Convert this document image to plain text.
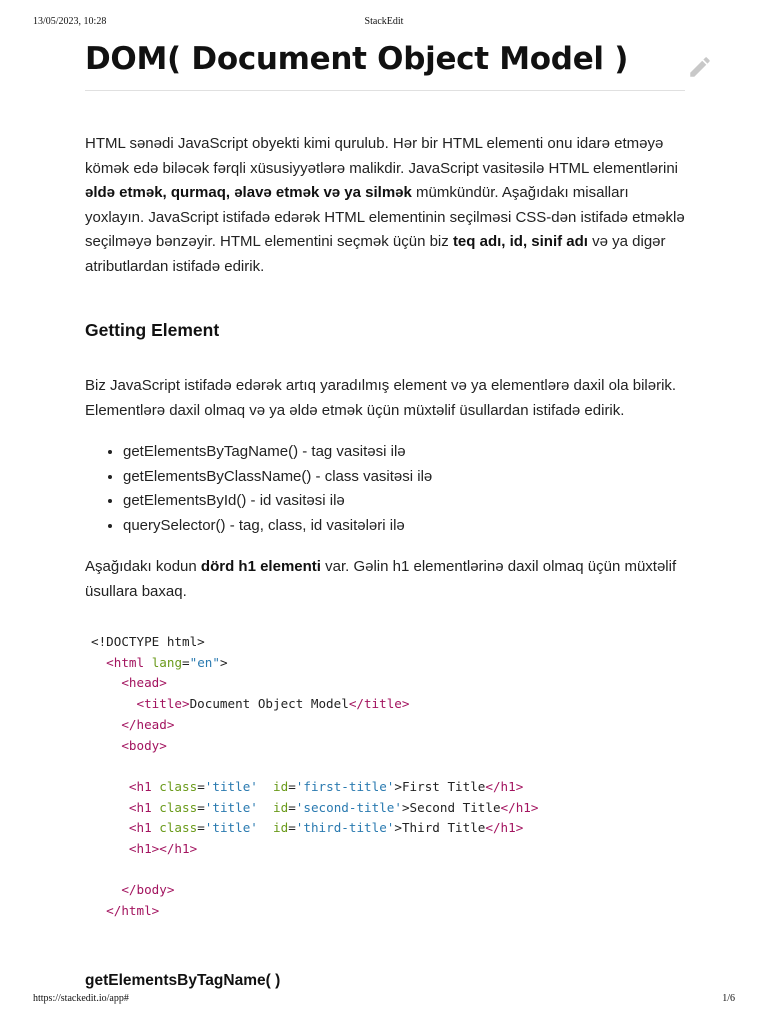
13/05/2023, 10:28	StackEdit
DOM( Document Object Model )

HTML sənədi JavaScript obyekti kimi qurulub. Hər bir HTML elementi onu idarə etməyə kömək edə biləcək fərqli xüsusiyyətlərə malikdir. JavaScript vasitəsilə HTML elementlərini əldə etmək, qurmaq, əlavə etmək və ya silmək mümkündür. Aşağıdakı misalları yoxlayın. JavaScript istifadə edərək HTML elementinin seçilməsi CSS-dən istifadə etməklə seçilməyə bənzəyir. HTML elementini seçmək üçün biz teq adı, id, sinif adı və ya digər atributlardan istifadə edirik.

Getting Element

Biz JavaScript istifadə edərək artıq yaradılmış element və ya elementlərə daxil ola bilərik. Elementlərə daxil olmaq və ya əldə etmək üçün müxtəlif üsullardan istifadə edirik.

• getElementsByTagName() - tag vasitəsi ilə
• getElementsByClassName() - class vasitəsi ilə
• getElementsById() - id vasitəsi ilə
• querySelector() - tag, class, id vasitələri ilə

Aşağıdakı kodun dörd h1 elementi var. Gəlin h1 elementlərinə daxil olmaq üçün müxtəlif üsullara baxaq.

<!DOCTYPE html>
<html lang="en">
<head>
<title>Document Object Model</title>
</head>
<body>

<h1 class='title' id='first-title'>First Title</h1>
<h1 class='title' id='second-title'>Second Title</h1>
<h1 class='title' id='third-title'>Third Title</h1>
<h1></h1>

</body>
</html>
getElementsByTagName( )
https://stackedit.io/app#	1/6
